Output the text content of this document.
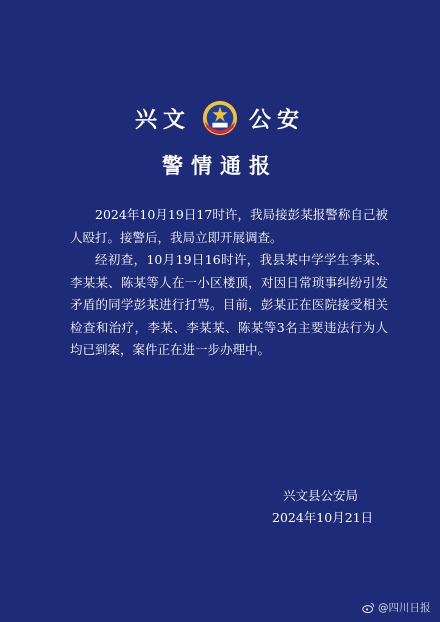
兴文	公安
警情通报

2024年10月19日17时许，我局接彭某报警称自己被人殴打。接警后，我局立即开展调查。

经初查，10月19日16时许，我县某中学学生李某、李某某、陈某等人在一小区楼顶，对因日常琐事纠纷引发矛盾的同学彭某进行打骂。目前，彭某正在医院接受相关检查和治疗，李某、李某某、陈某等3名主要违法行为人均已到案，案件正在进一步办理中。

兴文县公安局
2024年10月21日
@四川日报
